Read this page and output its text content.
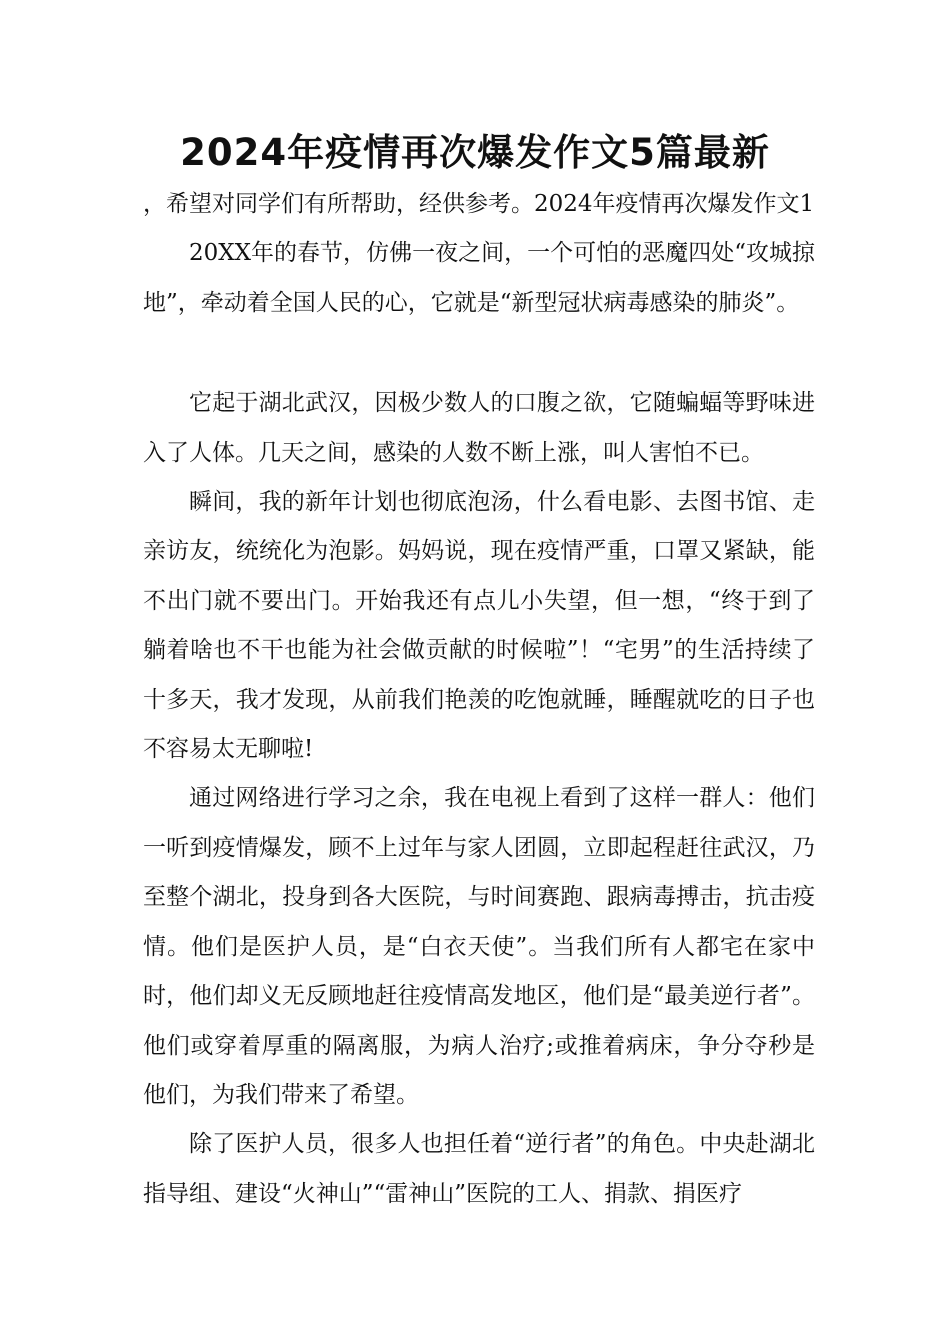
2024年疫情再次爆发作文5篇最新

，希望对同学们有所帮助，经供参考。2024年疫情再次爆发作文1

20XX年的春节，仿佛一夜之间，一个可怕的恶魔四处“攻城掠地”，牵动着全国人民的心，它就是“新型冠状病毒感染的肺炎”。

它起于湖北武汉，因极少数人的口腹之欲，它随蝙蝠等野味进入了人体。几天之间，感染的人数不断上涨，叫人害怕不已。

瞬间，我的新年计划也彻底泡汤，什么看电影、去图书馆、走亲访友，统统化为泡影。妈妈说，现在疫情严重，口罩又紧缺，能不出门就不要出门。开始我还有点儿小失望，但一想，“终于到了躺着啥也不干也能为社会做贡献的时候啦”！“宅男”的生活持续了十多天，我才发现，从前我们艳羡的吃饱就睡，睡醒就吃的日子也不容易太无聊啦!

通过网络进行学习之余，我在电视上看到了这样一群人：他们一听到疫情爆发，顾不上过年与家人团圆，立即起程赶往武汉，乃至整个湖北，投身到各大医院，与时间赛跑、跟病毒搏击，抗击疫情。他们是医护人员，是“白衣天使”。当我们所有人都宅在家中时，他们却义无反顾地赶往疫情高发地区，他们是“最美逆行者”。他们或穿着厚重的隔离服，为病人治疗;或推着病床，争分夺秒是他们，为我们带来了希望。

除了医护人员，很多人也担任着“逆行者”的角色。中央赴湖北指导组、建设“火神山”“雷神山”医院的工人、捐款、捐医疗
